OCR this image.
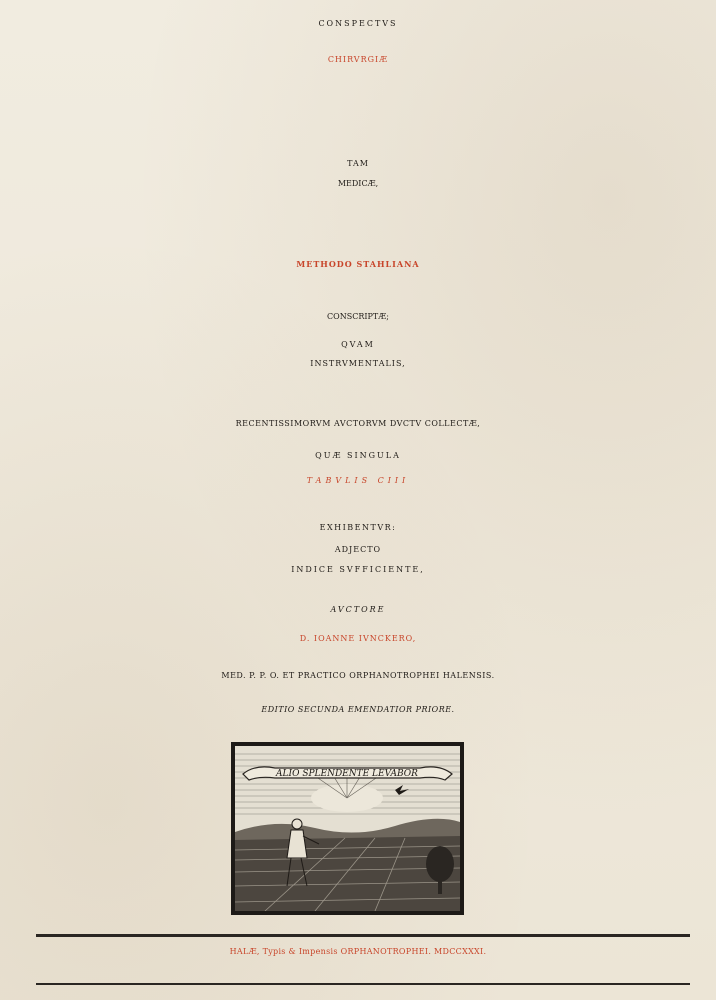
CONSPECTVS
CHIRVRGIÆ
TAM
MEDICÆ,
METHODO STAHLIANA
CONSCRIPTÆ;
QVAM
INSTRVMENTALIS,
RECENTISSIMORVM AVCTORVM DVCTV COLLECTÆ,
QUÆ SINGULA
TABVLIS CIII
EXHIBENTVR:
ADJECTO
INDICE SVFFICIENTE,
AVCTORE
D. IOANNE IVNCKERO,
MED. P. P. O. ET PRACTICO ORPHANOTROPHEI HALENSIS.
EDITIO SECUNDA EMENDATIOR PRIORE.
ALIO SPLENDENTE LEVABOR
HALÆ, Typis & Impensis ORPHANOTROPHEI. MDCCXXXI.
